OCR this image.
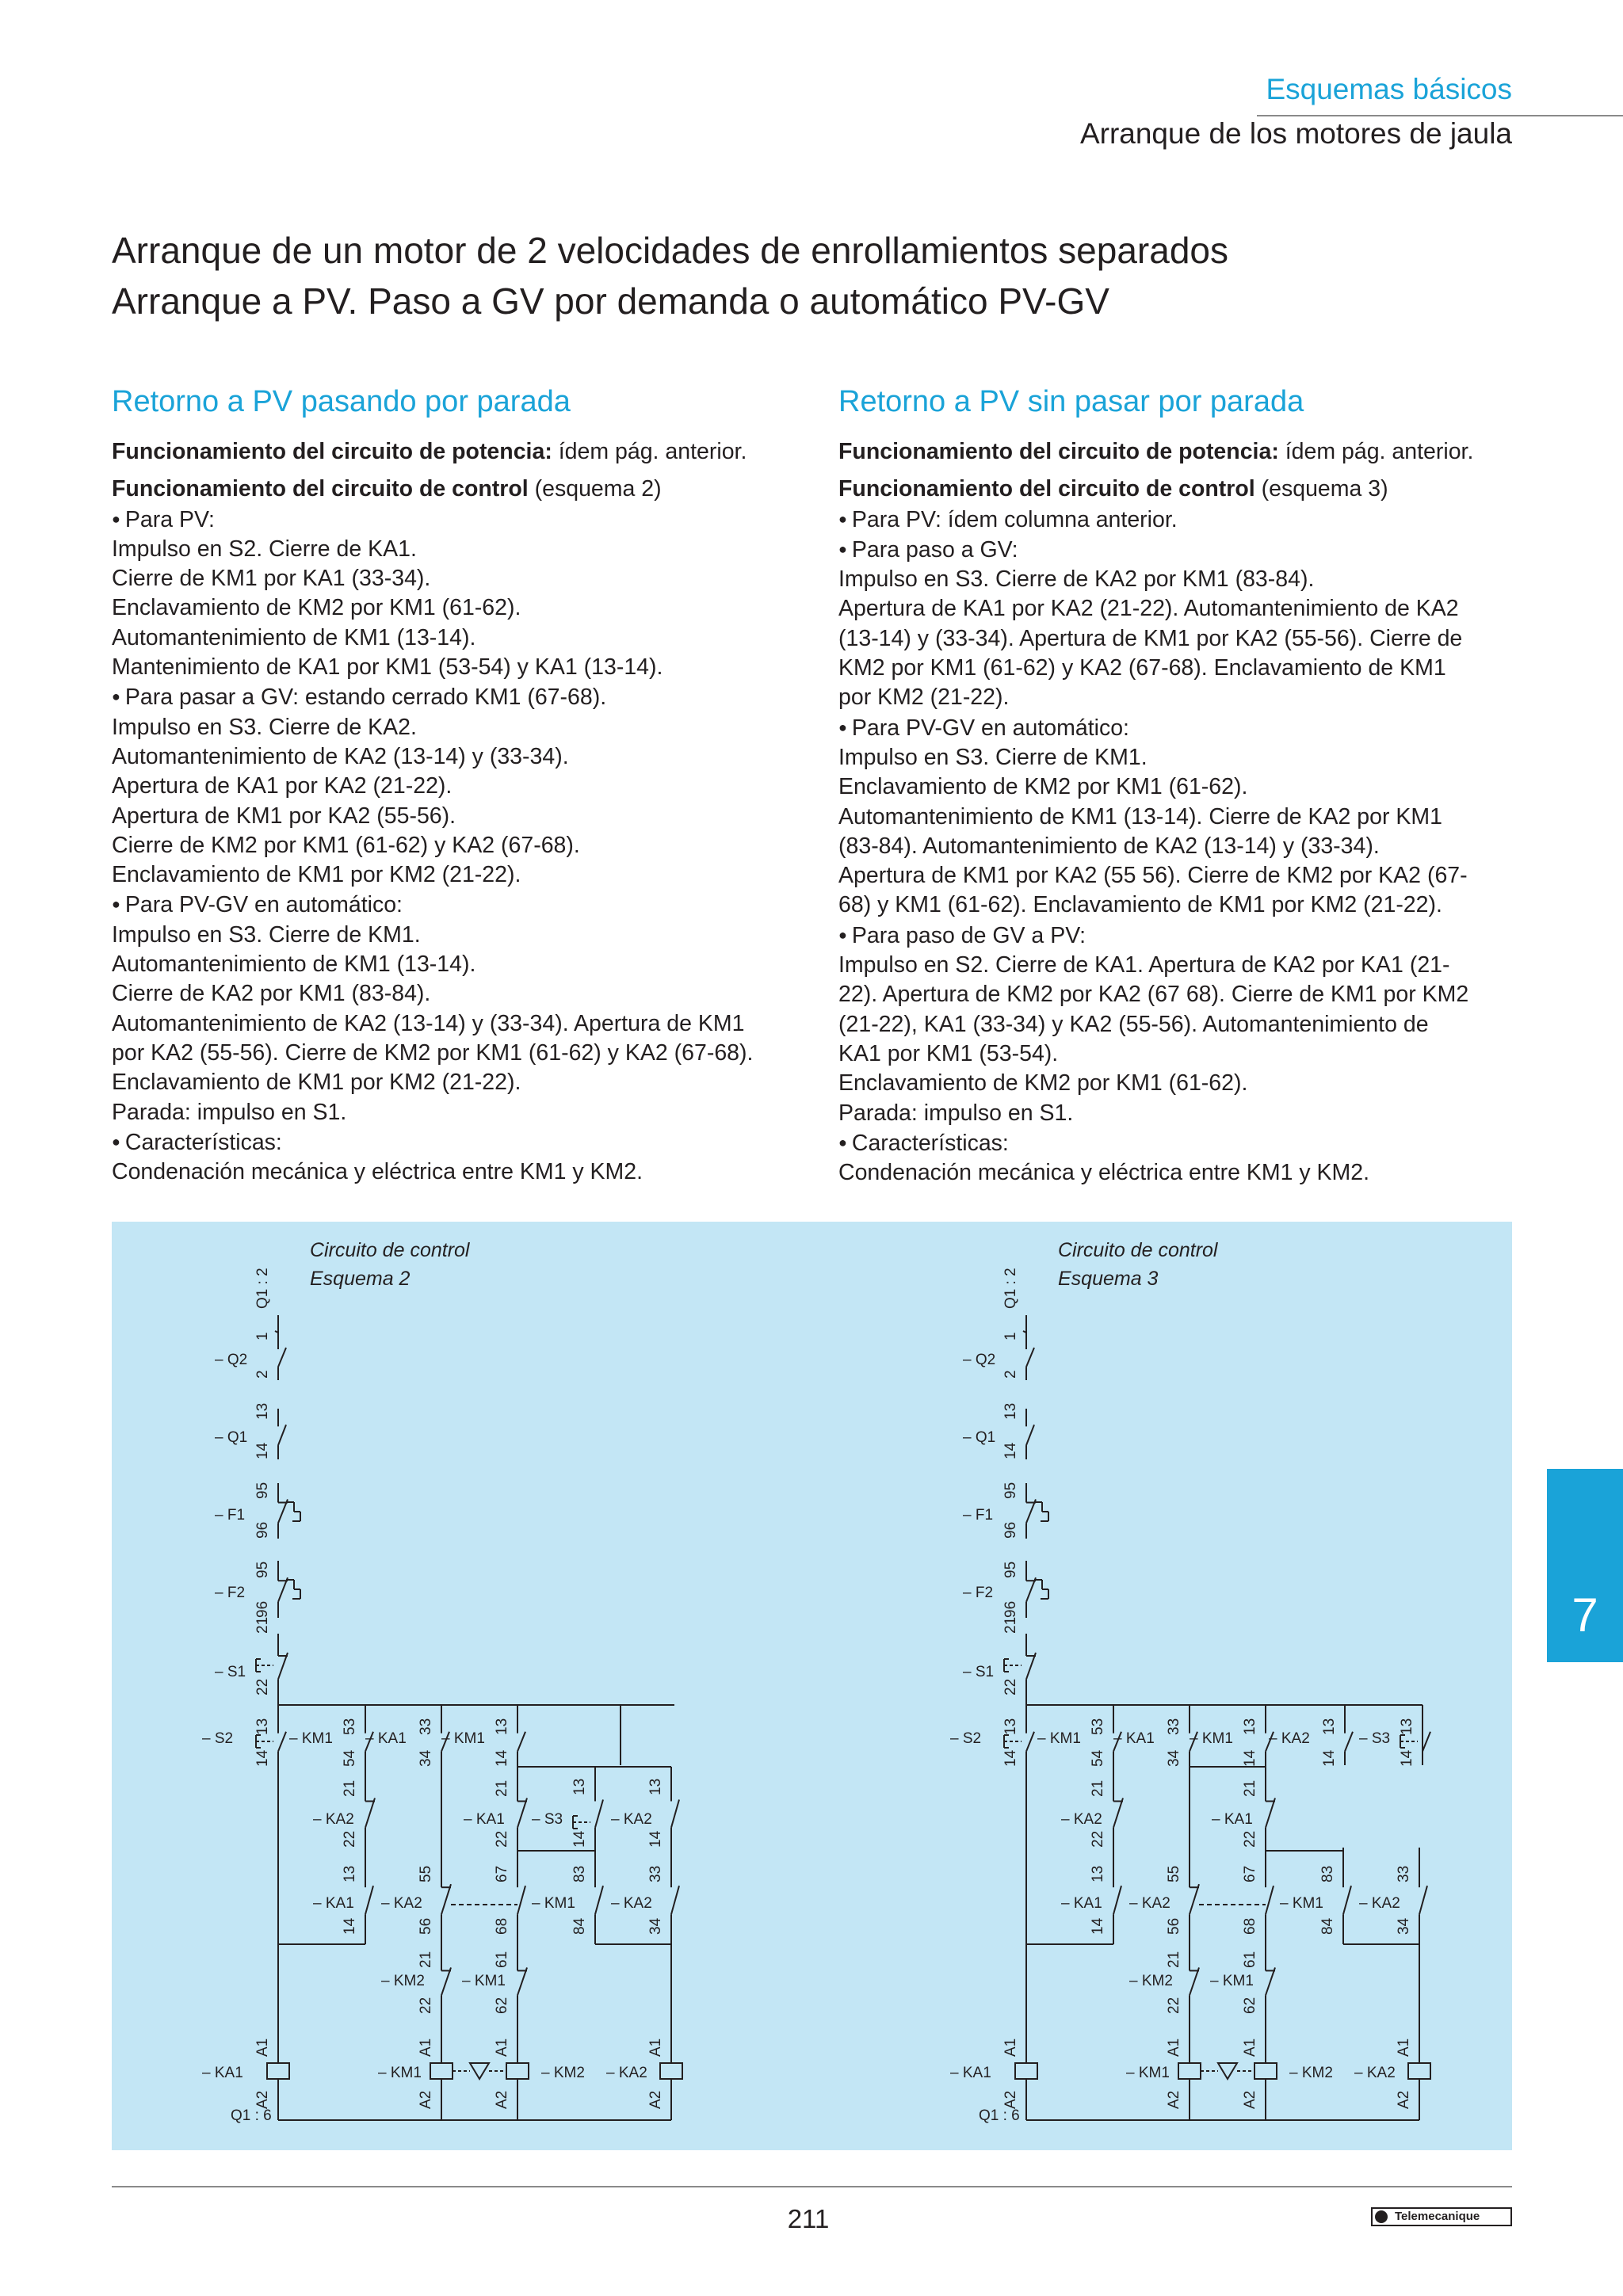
Esquemas básicos
Arranque de los motores de jaula
Arranque de un motor de 2 velocidades de enrollamientos separados
Arranque a PV. Paso a GV por demanda o automático PV-GV
Retorno a PV pasando por parada
Funcionamiento del circuito de potencia: ídem pág. anterior.
Funcionamiento del circuito de control (esquema 2)
● Para PV:
Impulso en S2. Cierre de KA1.
Cierre de KM1 por KA1 (33-34).
Enclavamiento de KM2 por KM1 (61-62).
Automantenimiento de KM1 (13-14).
Mantenimiento de KA1 por KM1 (53-54) y KA1 (13-14).
● Para pasar a GV: estando cerrado KM1 (67-68).
Impulso en S3. Cierre de KA2.
Automantenimiento de KA2 (13-14) y (33-34).
Apertura de KA1 por KA2 (21-22).
Apertura de KM1 por KA2 (55-56).
Cierre de KM2 por KM1 (61-62) y KA2 (67-68).
Enclavamiento de KM1 por KM2 (21-22).
● Para PV-GV en automático:
Impulso en S3. Cierre de KM1.
Automantenimiento de KM1 (13-14).
Cierre de KA2 por KM1 (83-84).
Automantenimiento de KA2 (13-14) y (33-34). Apertura de KM1
por KA2 (55-56). Cierre de KM2 por KM1 (61-62) y KA2 (67-68).
Enclavamiento de KM1 por KM2 (21-22).
Parada: impulso en S1.
● Características:
Condenación mecánica y eléctrica entre KM1 y KM2.
Retorno a PV sin pasar por parada
Funcionamiento del circuito de potencia: ídem pág. anterior.
Funcionamiento del circuito de control (esquema 3)
● Para PV: ídem columna anterior.
● Para paso a GV:
Impulso en S3. Cierre de KA2 por KM1 (83-84).
Apertura de KA1 por KA2 (21-22). Automantenimiento de KA2
(13-14) y (33-34). Apertura de KM1 por KA2 (55-56). Cierre de
KM2 por KM1 (61-62) y KA2 (67-68). Enclavamiento de KM1
por KM2 (21-22).
● Para PV-GV en automático:
Impulso en S3. Cierre de KM1.
Enclavamiento de KM2 por KM1 (61-62).
Automantenimiento de KM1 (13-14). Cierre de KA2 por KM1
(83-84). Automantenimiento de KA2 (13-14) y (33-34).
Apertura de KM1 por KA2 (55 56). Cierre de KM2 por KA2 (67-
68) y KM1 (61-62). Enclavamiento de KM1 por KM2 (21-22).
● Para paso de GV a PV:
Impulso en S2. Cierre de KA1. Apertura de KA2 por KA1 (21-
22). Apertura de KM2 por KA2 (67 68). Cierre de KM1 por KM2
(21-22), KA1 (33-34) y KA2 (55-56). Automantenimiento de
KA1 por KM1 (53-54).
Enclavamiento de KM2 por KM1 (61-62).
Parada: impulso en S1.
● Características:
Condenación mecánica y eléctrica entre KM1 y KM2.
Circuito de control
Esquema 2
Q1 : 2
1
2
– Q2
13
14
– Q1
95
96
– F1
95
96
– F2
21
22
– S1
13
14
– S2
53
54
– KM1
33
34
– KA1
13
14
– KM1
21
22
– KA2
21
22
– KA1
13
14
– S3
13
14
– KA2
13
14
– KA1
55
56
– KA2
67
68
83
84
– KM1
33
34
– KA2
21
22
– KM2
61
62
– KM1
A1
A2
– KA1
A1
A2
– KM1
A1
A2
– KM2
A1
A2
– KA2
Q1 : 6
Circuito de control
Esquema 3
Q1 : 2
1
2
– Q2
13
14
– Q1
95
96
– F1
95
96
– F2
21
22
– S1
13
14
– S2
53
54
– KM1
33
34
– KA1
13
14
– KM1
13
14
– KA2
13
14
– S3
21
22
– KA2
21
22
– KA1
13
14
– KA1
55
56
– KA2
67
68
83
84
– KM1
33
34
– KA2
21
22
– KM2
61
62
– KM1
A1
A2
– KA1
A1
A2
– KM1
A1
A2
– KM2
A1
A2
– KA2
Q1 : 6
7
211	Telemecanique
